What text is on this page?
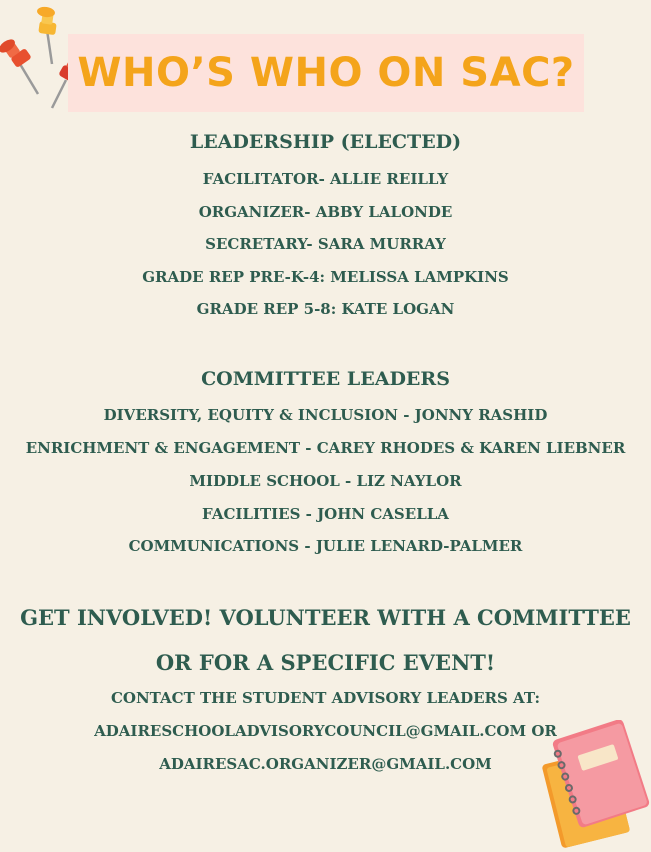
WHO’S WHO ON SAC?
LEADERSHIP (ELECTED)
FACILITATOR- ALLIE REILLY
ORGANIZER- ABBY LALONDE
SECRETARY- SARA MURRAY
GRADE REP PRE-K-4: MELISSA LAMPKINS
GRADE REP 5-8: KATE LOGAN
COMMITTEE LEADERS
DIVERSITY, EQUITY & INCLUSION - JONNY RASHID
ENRICHMENT & ENGAGEMENT - CAREY RHODES & KAREN LIEBNER
MIDDLE SCHOOL - LIZ NAYLOR
FACILITIES - JOHN CASELLA
COMMUNICATIONS - JULIE LENARD-PALMER
GET INVOLVED! VOLUNTEER WITH A COMMITTEE
OR FOR A SPECIFIC EVENT!
CONTACT THE STUDENT ADVISORY LEADERS AT:
ADAIRESCHOOLADVISORYCOUNCIL@GMAIL.COM OR
ADAIRESAC.ORGANIZER@GMAIL.COM
